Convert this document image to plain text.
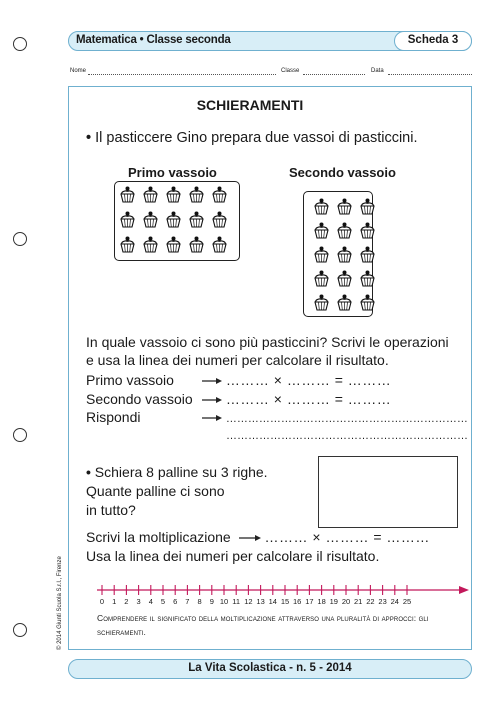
Matematica • Classe seconda	Scheda 3
Nome	Classe	Data
SCHIERAMENTI
• Il pasticcere Gino prepara due vassoi di pasticcini.
Primo vassoio	Secondo vassoio
In quale vassoio ci sono più pasticcini? Scrivi le operazioni
e usa la linea dei numeri per calcolare il risultato.
Primo vassoio	……… × ……… = ………
Secondo vassoio	……… × ……… = ………
Rispondi	…………………………………………………………
…………………………………………………………
• Schiera 8 palline su 3 righe.
Quante palline ci sono
in tutto?
Scrivi la moltiplicazione ……… × ……… = ………
Usa la linea dei numeri per calcolare il risultato.
0 1 2 3 4 5 6 7 8 9 10 11 12 13 14 15 16 17 18 19 20 21 22 23 24 25
Comprendere il significato della moltiplicazione attraverso una pluralità di approcci: gli schieramenti.
La Vita Scolastica - n. 5 - 2014
© 2014 Giunti Scuola S.r.l., Firenze
